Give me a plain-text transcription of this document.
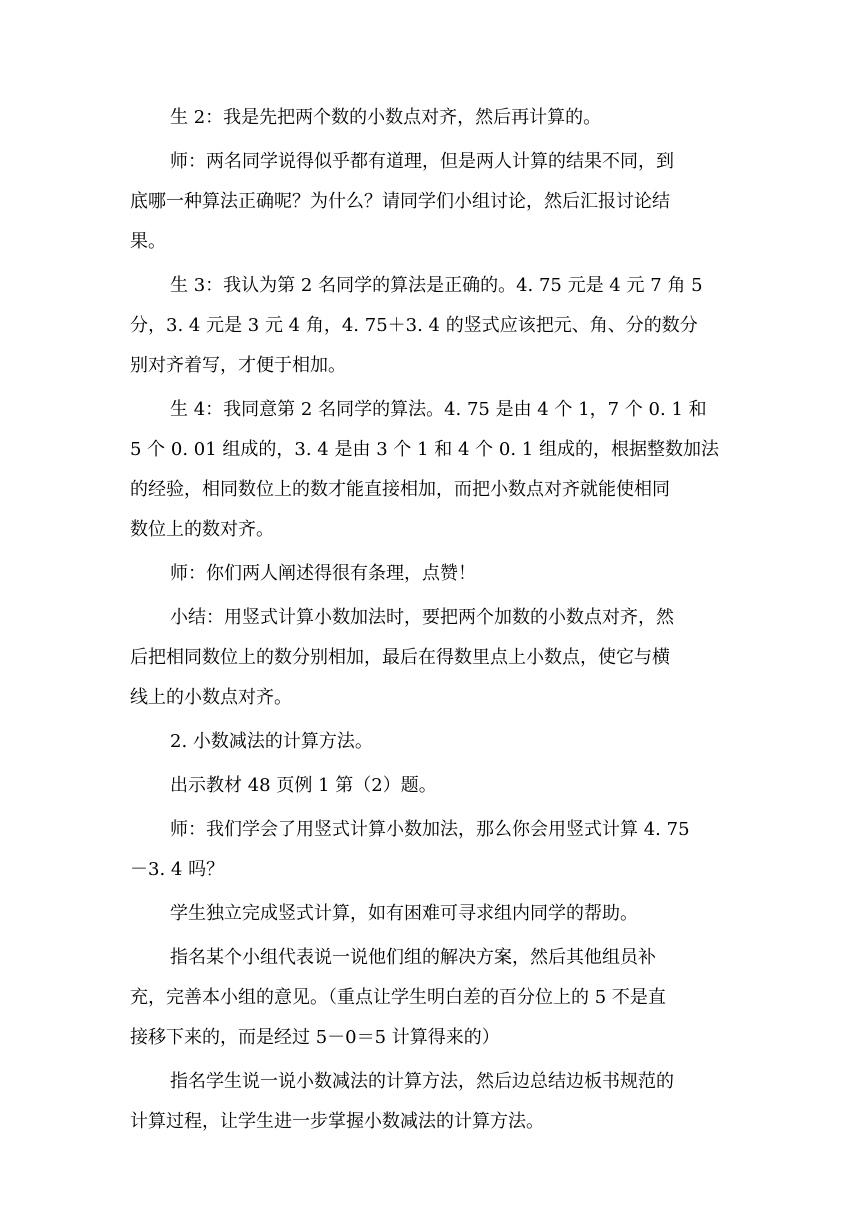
生 2：我是先把两个数的小数点对齐，然后再计算的。
师：两名同学说得似乎都有道理，但是两人计算的结果不同，到
底哪一种算法正确呢？为什么？请同学们小组讨论，然后汇报讨论结
果。
生 3：我认为第 2 名同学的算法是正确的。4. 75 元是 4 元 7 角 5
分，3. 4 元是 3 元 4 角，4. 75＋3. 4 的竖式应该把元、角、分的数分
别对齐着写，才便于相加。
生 4：我同意第 2 名同学的算法。4. 75 是由 4 个 1，7 个 0. 1 和
5 个 0. 01 组成的，3. 4 是由 3 个 1 和 4 个 0. 1 组成的，根据整数加法
的经验，相同数位上的数才能直接相加，而把小数点对齐就能使相同
数位上的数对齐。
师：你们两人阐述得很有条理，点赞！
小结：用竖式计算小数加法时，要把两个加数的小数点对齐，然
后把相同数位上的数分别相加，最后在得数里点上小数点，使它与横
线上的小数点对齐。
2. 小数减法的计算方法。
出示教材 48 页例 1 第（2）题。
师：我们学会了用竖式计算小数加法，那么你会用竖式计算 4. 75
－3. 4 吗？
学生独立完成竖式计算，如有困难可寻求组内同学的帮助。
指名某个小组代表说一说他们组的解决方案，然后其他组员补
充，完善本小组的意见。（重点让学生明白差的百分位上的 5 不是直
接移下来的，而是经过 5－0＝5 计算得来的）
指名学生说一说小数减法的计算方法，然后边总结边板书规范的
计算过程，让学生进一步掌握小数减法的计算方法。
